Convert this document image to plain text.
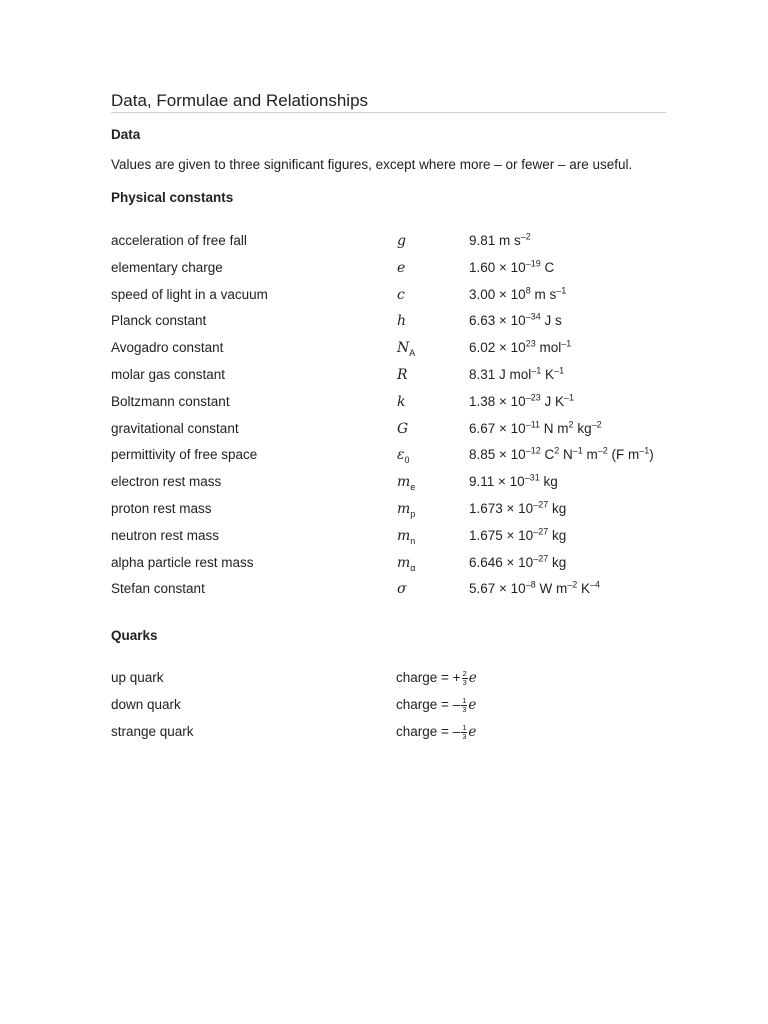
Data, Formulae and Relationships
Data
Values are given to three significant figures, except where more – or fewer – are useful.
Physical constants
acceleration of free fall	g	9.81 m $s^{-2}$
elementary charge	e	$1.60 \times 10^{-19}$ C
speed of light in a vacuum	c	$3.00 \times 10^8$ m $s^{-1}$
Planck constant	h	$6.63 \times 10^{-34}$ J s
Avogadro constant	$N_A$	$6.02 \times 10^{23}$ mol$^{-1}$
molar gas constant	R	8.31 J mol$^{-1}$ $K^{-1}$
Boltzmann constant	k	$1.38 \times 10^{-23}$ J $K^{-1}$
gravitational constant	G	$6.67 \times 10^{-11}$ N $m^2$ $kg^{-2}$
permittivity of free space	$\varepsilon_0$	$8.85 \times 10^{-12}$ $C^2$ $N^{-1}$ $m^{-2}$ (F $m^{-1}$)
electron rest mass	$m_e$	$9.11 \times 10^{-31}$ kg
proton rest mass	$m_p$	$1.673 \times 10^{-27}$ kg
neutron rest mass	$m_n$	$1.675 \times 10^{-27}$ kg
alpha particle rest mass	$m_\alpha$	$6.646 \times 10^{-27}$ kg
Stefan constant	σ	$5.67 \times 10^{-8}$ W $m^{-2}$ $K^{-4}$
Quarks
up quark	charge = + $\frac{2}{3}$ e
down quark	charge = – $\frac{1}{3}$ e
strange quark	charge = – $\frac{1}{3}$ e
